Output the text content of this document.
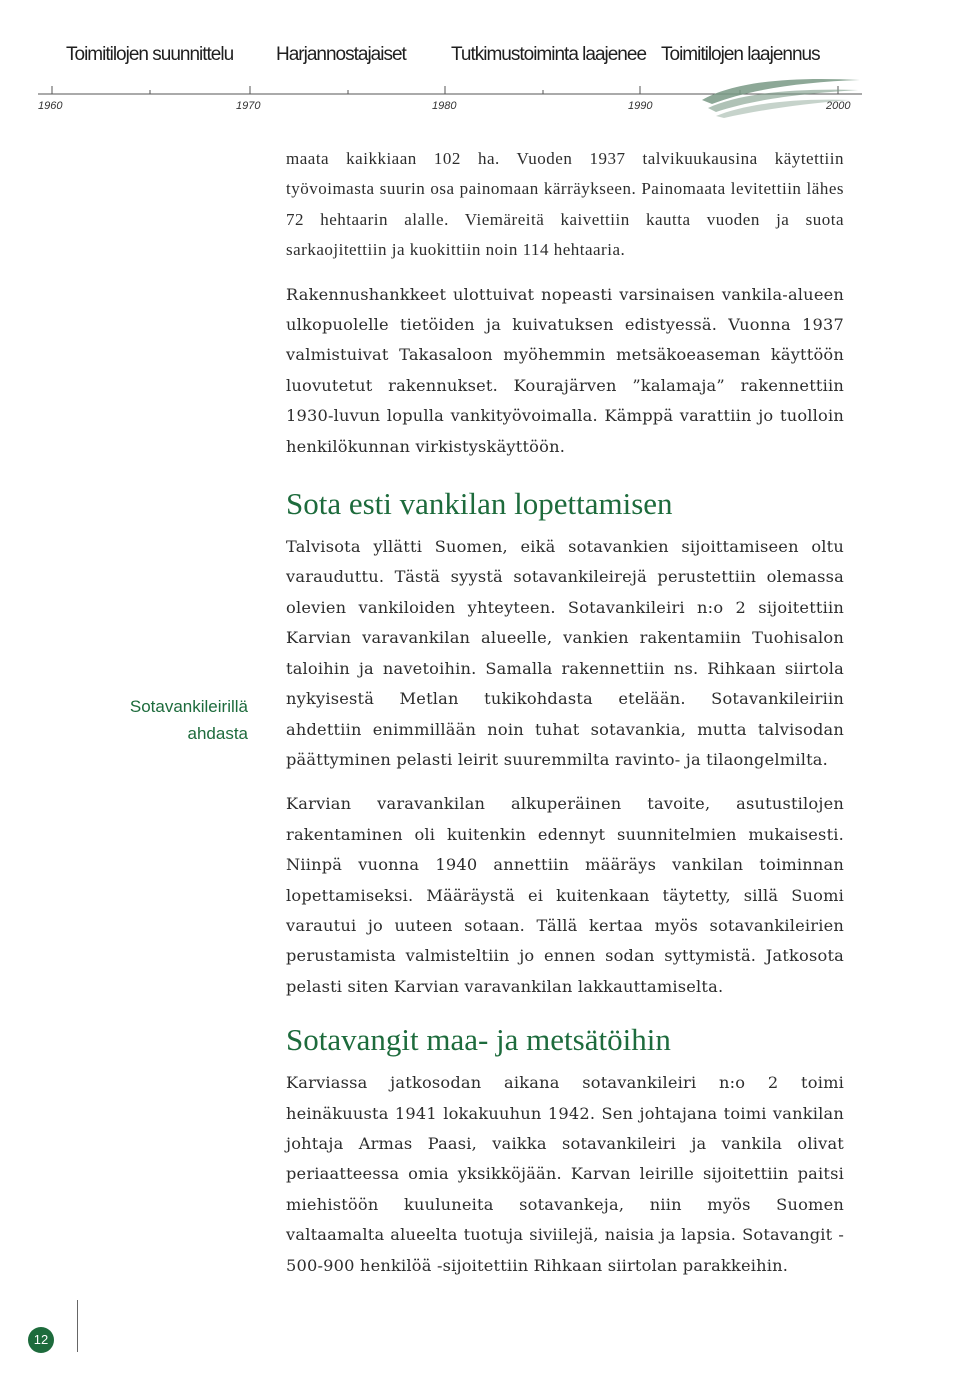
Toimitilojen suunnittelu Harjannostajaiset Tutkimustoiminta laajenee Toimitilojen laajennus
1960	1970	1980	1990	2000

maata kaikkiaan 102 ha. Vuoden 1937 talvikuukausina käytettiin työvoimasta suurin osa painomaan kärräykseen. Painomaata levitettiin lähes 72 hehtaarin alalle. Viemäreitä kaivettiin kautta vuoden ja suota sarkaojitettiin ja kuokittiin noin 114 hehtaaria.

Rakennushankkeet ulottuivat nopeasti varsinaisen vankila-alueen ulkopuolelle tietöiden ja kuivatuksen edistyessä. Vuonna 1937 valmistuivat Takasaloon myöhemmin metsäkoeaseman käyttöön luovutetut rakennukset. Kourajärven ”kalamaja” rakennettiin 1930-luvun lopulla vankityövoimalla. Kämppä varattiin jo tuolloin henkilökunnan virkistyskäyttöön.

Sota esti vankilan lopettamisen

Talvisota yllätti Suomen, eikä sotavankien sijoittamiseen oltu varauduttu. Tästä syystä sotavankileirejä perustettiin olemassa olevien vankiloiden yhteyteen. Sotavankileiri n:o 2 sijoitettiin Karvian varavankilan alueelle, vankien rakentamiin Tuohisalon taloihin ja navetoihin. Samalla rakennettiin ns. Rihkaan siirtola nykyisestä Metlan tukikohdasta etelään. Sotavankileiriin ahdettiin enimmillään noin tuhat sotavankia, mutta talvisodan päättyminen pelasti leirit suuremmilta ravinto- ja tilaongelmilta.

Karvian varavankilan alkuperäinen tavoite, asutustilojen rakentaminen oli kuitenkin edennyt suunnitelmien mukaisesti. Niinpä vuonna 1940 annettiin määräys vankilan toiminnan lopettamiseksi. Määräystä ei kuitenkaan täytetty, sillä Suomi varautui jo uuteen sotaan. Tällä kertaa myös sotavankileirien perustamista valmisteltiin jo ennen sodan syttymistä. Jatkosota pelasti siten Karvian varavankilan lakkauttamiselta.

Sotavangit maa- ja metsätöihin

Karviassa jatkosodan aikana sotavankileiri n:o 2 toimi heinäkuusta 1941 lokakuuhun 1942. Sen johtajana toimi vankilan johtaja Armas Paasi, vaikka sotavankileiri ja vankila olivat periaatteessa omia yksikköjään. Karvan leirille sijoitettiin paitsi miehistöön kuuluneita sotavankeja, niin myös Suomen valtaamalta alueelta tuotuja siviilejä, naisia ja lapsia. Sotavangit - 500-900 henkilöä -sijoitettiin Rihkaan siirtolan parakkeihin.

Sotavankileirillä
ahdasta
12
